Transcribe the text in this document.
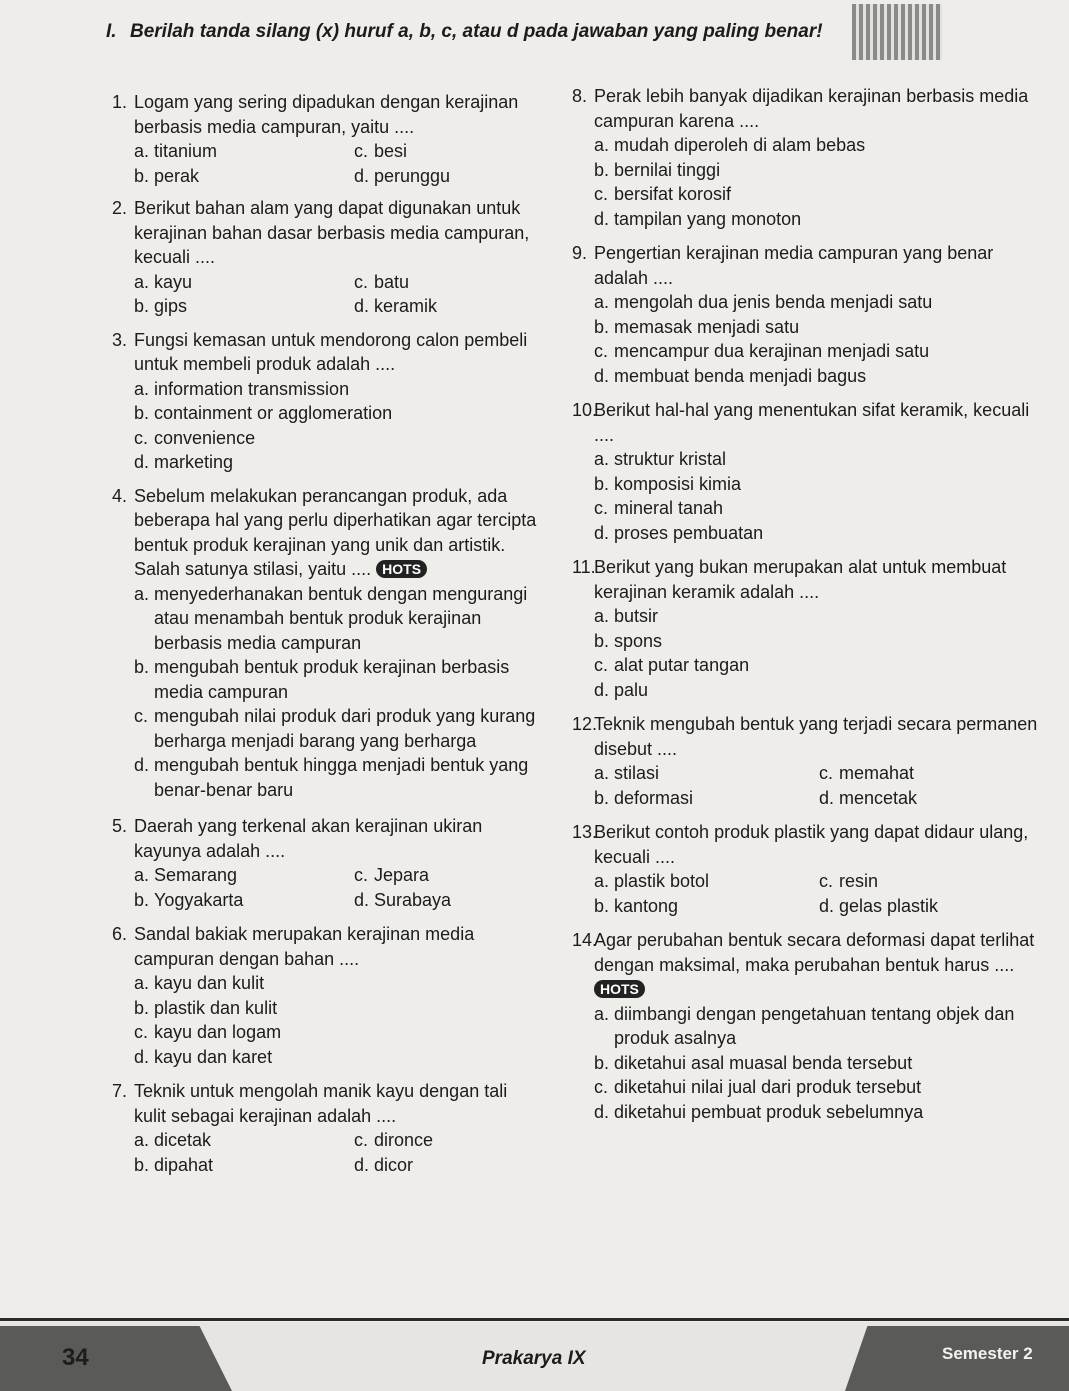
I. Berilah tanda silang (x) huruf a, b, c, atau d pada jawaban yang paling benar!
1. Logam yang sering dipadukan dengan kerajinan berbasis media campuran, yaitu ....
a. titanium	c. besi
b. perak	d. perunggu
2. Berikut bahan alam yang dapat digunakan untuk kerajinan bahan dasar berbasis media campuran, kecuali ....
a. kayu	c. batu
b. gips	d. keramik
3. Fungsi kemasan untuk mendorong calon pembeli untuk membeli produk adalah ....
a. information transmission
b. containment or agglomeration
c. convenience
d. marketing
4. Sebelum melakukan perancangan produk, ada beberapa hal yang perlu diperhatikan agar tercipta bentuk produk kerajinan yang unik dan artistik. Salah satunya stilasi, yaitu .... HOTS
a. menyederhanakan bentuk dengan mengurangi atau menambah bentuk produk kerajinan berbasis media campuran
b. mengubah bentuk produk kerajinan berbasis media campuran
c. mengubah nilai produk dari produk yang kurang berharga menjadi barang yang berharga
d. mengubah bentuk hingga menjadi bentuk yang benar-benar baru
5. Daerah yang terkenal akan kerajinan ukiran kayunya adalah ....
a. Semarang	c. Jepara
b. Yogyakarta	d. Surabaya
6. Sandal bakiak merupakan kerajinan media campuran dengan bahan ....
a. kayu dan kulit
b. plastik dan kulit
c. kayu dan logam
d. kayu dan karet
7. Teknik untuk mengolah manik kayu dengan tali kulit sebagai kerajinan adalah ....
a. dicetak	c. dironce
b. dipahat	d. dicor
8. Perak lebih banyak dijadikan kerajinan berbasis media campuran karena ....
a. mudah diperoleh di alam bebas
b. bernilai tinggi
c. bersifat korosif
d. tampilan yang monoton
9. Pengertian kerajinan media campuran yang benar adalah ....
a. mengolah dua jenis benda menjadi satu
b. memasak menjadi satu
c. mencampur dua kerajinan menjadi satu
d. membuat benda menjadi bagus
10.
Berikut hal-hal yang menentukan sifat keramik, kecuali ....
a. struktur kristal
b. komposisi kimia
c. mineral tanah
d. proses pembuatan
11.
Berikut yang bukan merupakan alat untuk membuat kerajinan keramik adalah ....
a. butsir
b. spons
c. alat putar tangan
d. palu
12.
Teknik mengubah bentuk yang terjadi secara permanen disebut ....
a. stilasi	c. memahat
b. deformasi	d. mencetak
13.
Berikut contoh produk plastik yang dapat didaur ulang, kecuali ....
a. plastik botol	c. resin
b. kantong	d. gelas plastik
14.
Agar perubahan bentuk secara deformasi dapat terlihat dengan maksimal, maka perubahan bentuk harus .... HOTS
a. diimbangi dengan pengetahuan tentang objek dan produk asalnya
b. diketahui asal muasal benda tersebut
c. diketahui nilai jual dari produk tersebut
d. diketahui pembuat produk sebelumnya
34	Prakarya IX	Semester 2
